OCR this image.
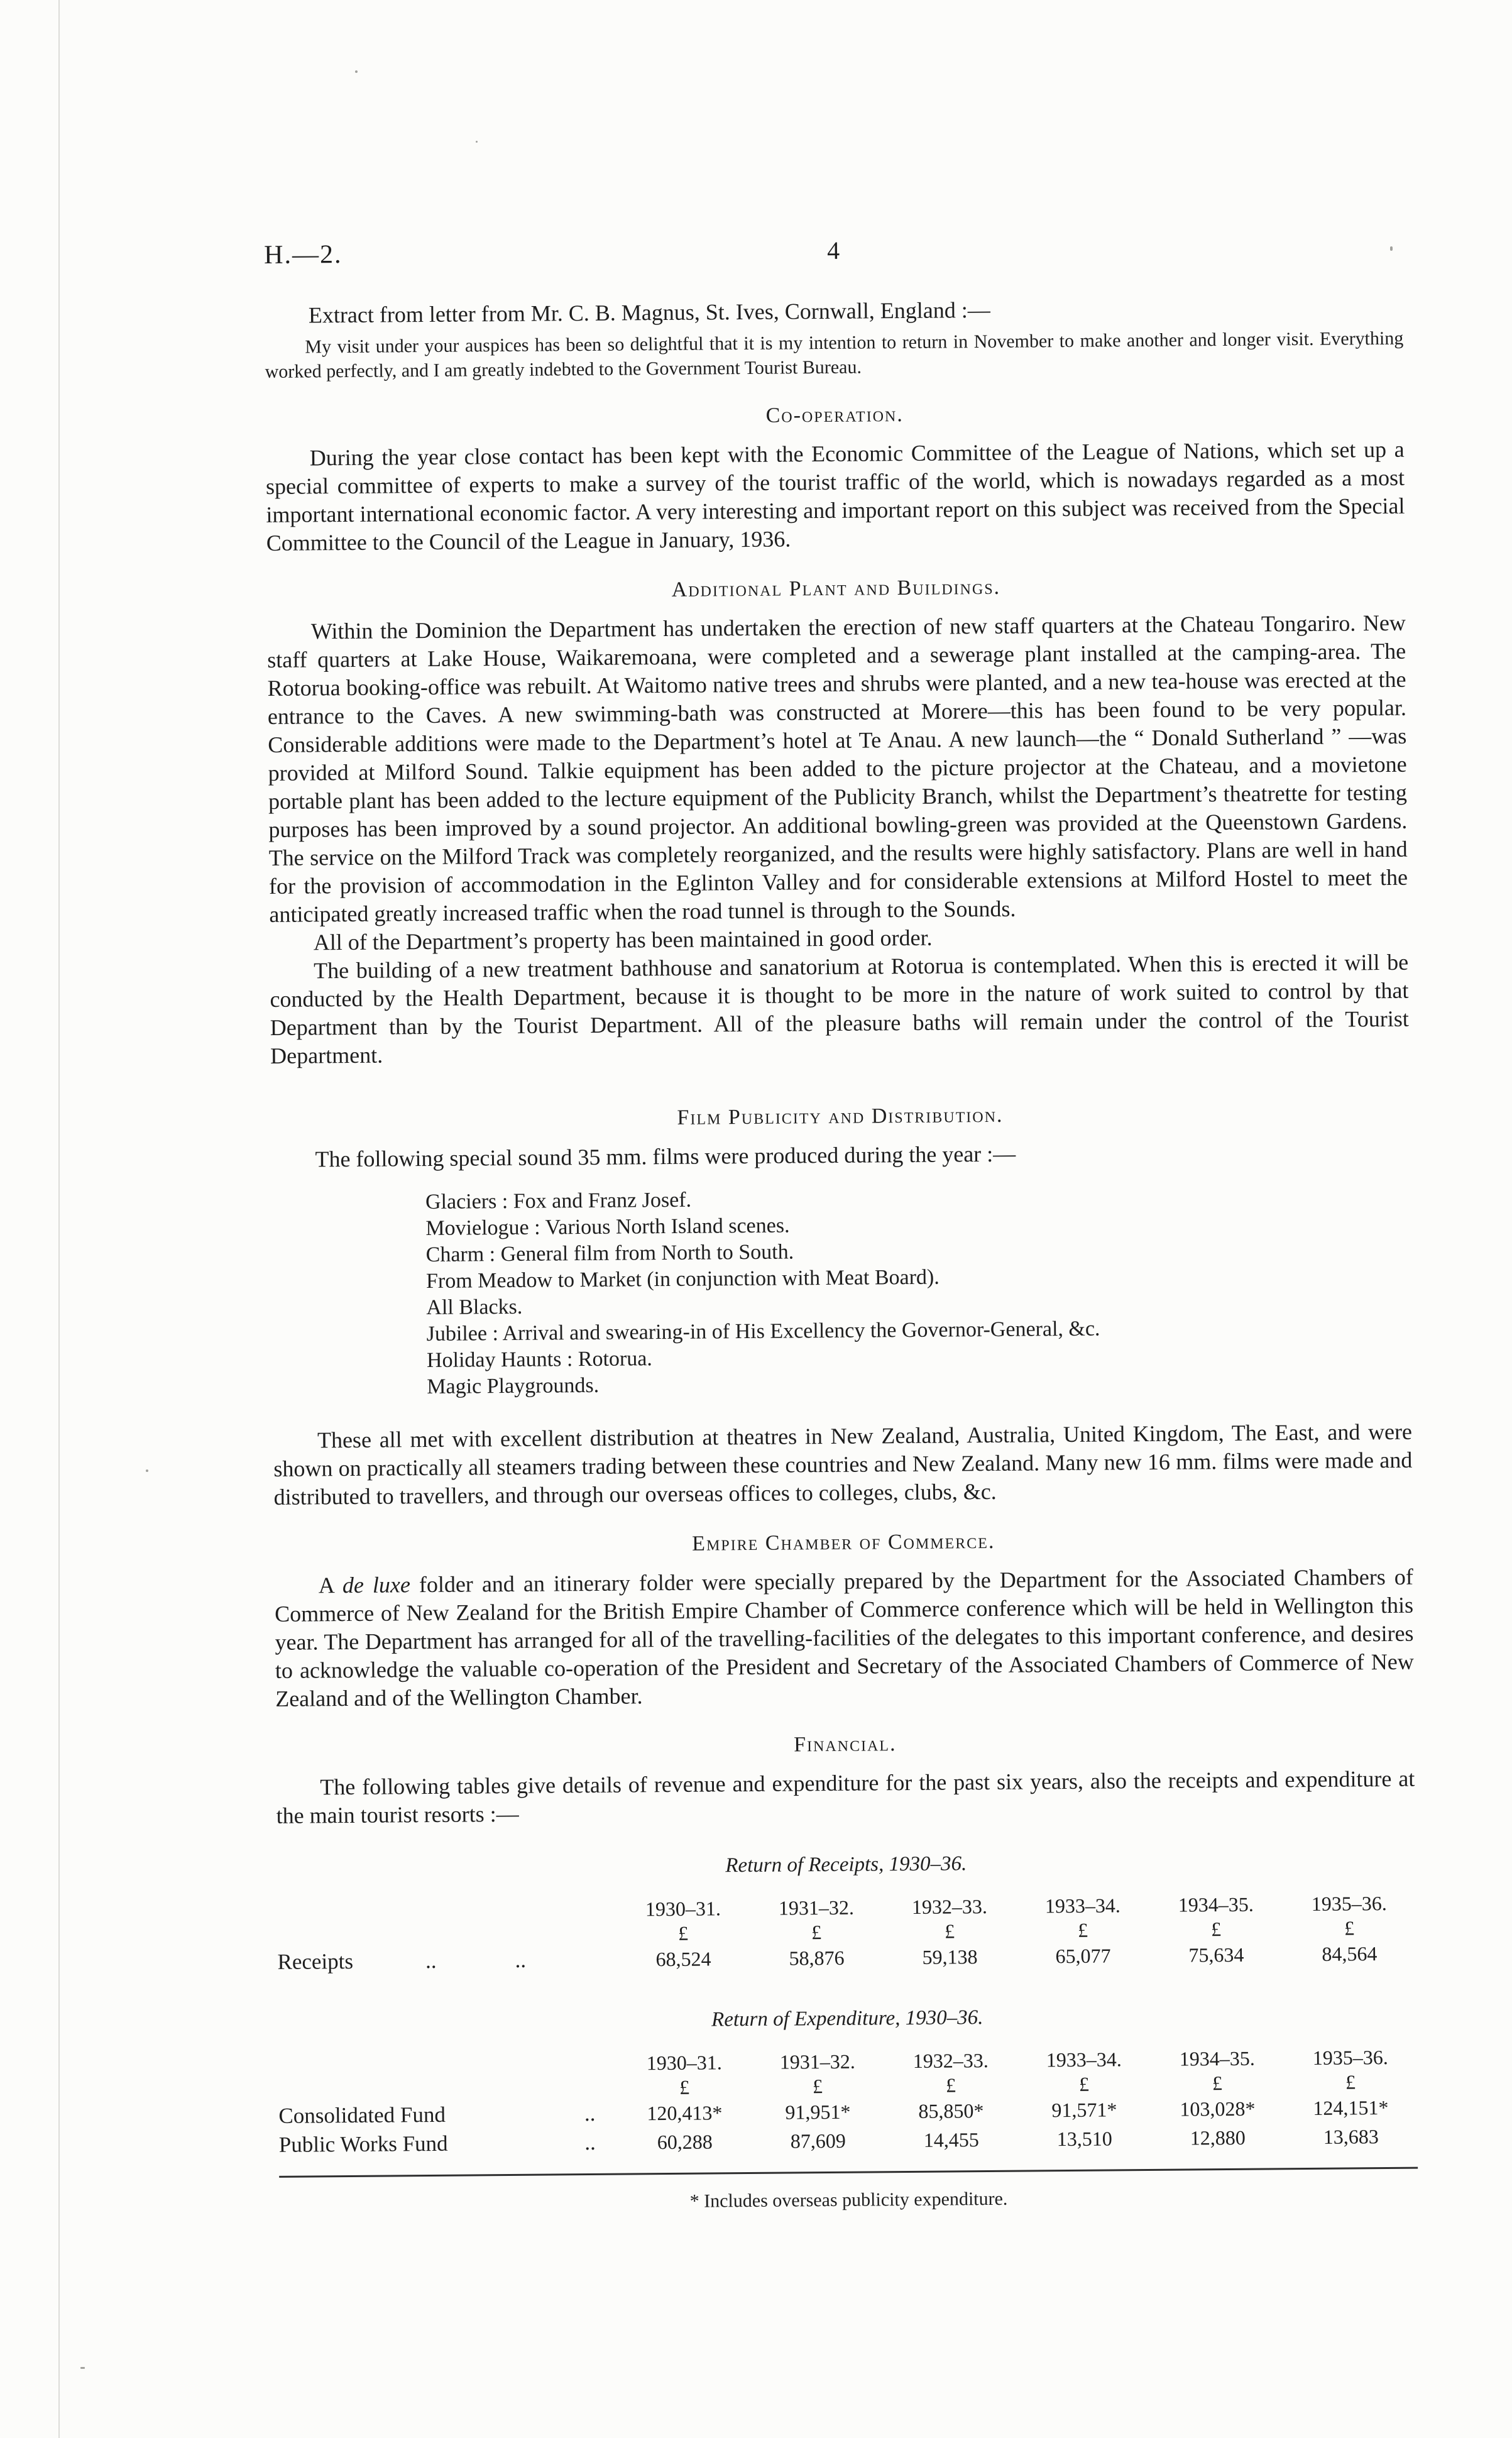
H.—2.	4

Extract from letter from Mr. C. B. Magnus, St. Ives, Cornwall, England :—

My visit under your auspices has been so delightful that it is my intention to return in November to make another and longer visit. Everything worked perfectly, and I am greatly indebted to the Government Tourist Bureau.

Co-operation.

During the year close contact has been kept with the Economic Committee of the League of Nations, which set up a special committee of experts to make a survey of the tourist traffic of the world, which is nowadays regarded as a most important international economic factor. A very interesting and important report on this subject was received from the Special Committee to the Council of the League in January, 1936.

Additional Plant and Buildings.

Within the Dominion the Department has undertaken the erection of new staff quarters at the Chateau Tongariro. New staff quarters at Lake House, Waikaremoana, were completed and a sewerage plant installed at the camping-area. The Rotorua booking-office was rebuilt. At Waitomo native trees and shrubs were planted, and a new tea-house was erected at the entrance to the Caves. A new swimming-bath was constructed at Morere—this has been found to be very popular. Considerable additions were made to the Department’s hotel at Te Anau. A new launch—the “ Donald Sutherland ” —was provided at Milford Sound. Talkie equipment has been added to the picture projector at the Chateau, and a movietone portable plant has been added to the lecture equipment of the Publicity Branch, whilst the Department’s theatrette for testing purposes has been improved by a sound projector. An additional bowling-green was provided at the Queenstown Gardens. The service on the Milford Track was completely reorganized, and the results were highly satisfactory. Plans are well in hand for the provision of accommodation in the Eglinton Valley and for considerable extensions at Milford Hostel to meet the anticipated greatly increased traffic when the road tunnel is through to the Sounds.

All of the Department’s property has been maintained in good order.

The building of a new treatment bathhouse and sanatorium at Rotorua is contemplated. When this is erected it will be conducted by the Health Department, because it is thought to be more in the nature of work suited to control by that Department than by the Tourist Department. All of the pleasure baths will remain under the control of the Tourist Department.

Film Publicity and Distribution.

The following special sound 35 mm. films were produced during the year :—

Glaciers : Fox and Franz Josef.
Movielogue : Various North Island scenes.
Charm : General film from North to South.
From Meadow to Market (in conjunction with Meat Board).
All Blacks.
Jubilee : Arrival and swearing-in of His Excellency the Governor-General, &c.
Holiday Haunts : Rotorua.
Magic Playgrounds.

These all met with excellent distribution at theatres in New Zealand, Australia, United Kingdom, The East, and were shown on practically all steamers trading between these countries and New Zealand. Many new 16 mm. films were made and distributed to travellers, and through our overseas offices to colleges, clubs, &c.

Empire Chamber of Commerce.

A de luxe folder and an itinerary folder were specially prepared by the Department for the Associated Chambers of Commerce of New Zealand for the British Empire Chamber of Commerce conference which will be held in Wellington this year. The Department has arranged for all of the travelling-facilities of the delegates to this important conference, and desires to acknowledge the valuable co-operation of the President and Secretary of the Associated Chambers of Commerce of New Zealand and of the Wellington Chamber.

Financial.

The following tables give details of revenue and expenditure for the past six years, also the receipts and expenditure at the main tourist resorts :—

Return of Receipts, 1930–36.

1930–31.	1931–32.	1932–33.	1933–34.	1934–35.	1935–36.
£	£	£	£	£	£
Receipts	..	..	68,524	58,876	59,138	65,077	75,634	84,564

Return of Expenditure, 1930–36.

1930–31.	1931–32.	1932–33.	1933–34.	1934–35.	1935–36.
£	£	£	£	£	£
Consolidated Fund	..	120,413*	91,951*	85,850*	91,571*	103,028*	124,151*
Public Works Fund	..	60,288	87,609	14,455	13,510	12,880	13,683

* Includes overseas publicity expenditure.
